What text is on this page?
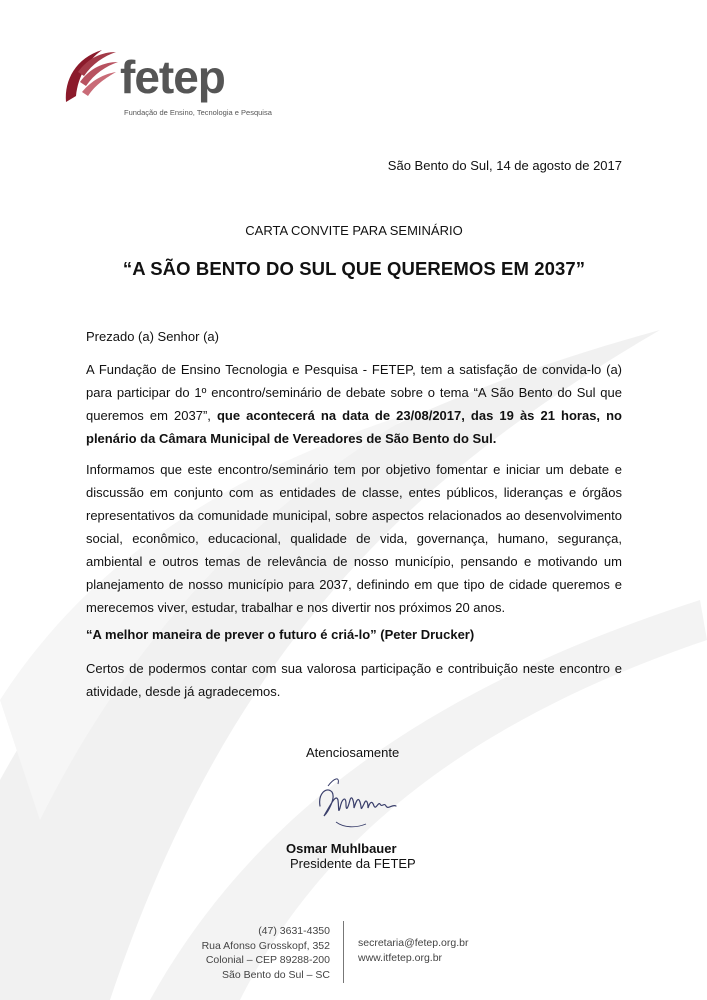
fetep
Fundação de Ensino, Tecnologia e Pesquisa
São Bento do Sul, 14 de agosto de 2017
CARTA CONVITE PARA SEMINÁRIO
“A SÃO BENTO DO SUL QUE QUEREMOS EM 2037”
Prezado (a) Senhor (a)
A Fundação de Ensino Tecnologia e Pesquisa - FETEP, tem a satisfação de convida-lo (a) para participar do 1º encontro/seminário de debate sobre o tema “A São Bento do Sul que queremos em 2037”, que acontecerá na data de 23/08/2017, das 19 às 21 horas, no plenário da Câmara Municipal de Vereadores de São Bento do Sul.
Informamos que este encontro/seminário tem por objetivo fomentar e iniciar um debate e discussão em conjunto com as entidades de classe, entes públicos, lideranças e órgãos representativos da comunidade municipal, sobre aspectos relacionados ao desenvolvimento social, econômico, educacional, qualidade de vida, governança, humano, segurança, ambiental e outros temas de relevância de nosso município, pensando e motivando um planejamento de nosso município para 2037, definindo em que tipo de cidade queremos e merecemos viver, estudar, trabalhar e nos divertir nos próximos 20 anos.
“A melhor maneira de prever o futuro é criá-lo” (Peter Drucker)
Certos de podermos contar com sua valorosa participação e contribuição neste encontro e atividade, desde já agradecemos.
Atenciosamente
Osmar Muhlbauer
Presidente da FETEP
(47) 3631-4350
Rua Afonso Grosskopf, 352
Colonial – CEP 89288-200
São Bento do Sul – SC
secretaria@fetep.org.br
www.itfetep.org.br
